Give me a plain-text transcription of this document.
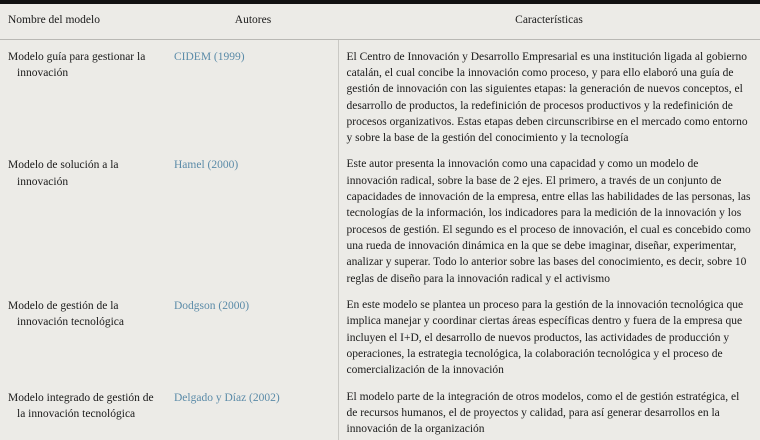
Nombre del modelo	Autores	Características

Modelo guía para gestionar la innovación	CIDEM (1999)	El Centro de Innovación y Desarrollo Empresarial es una institución ligada al gobierno catalán, el cual concibe la innovación como proceso, y para ello elaboró una guía de gestión de innovación con las siguientes etapas: la generación de nuevos conceptos, el desarrollo de productos, la redefinición de procesos productivos y la redefinición de procesos organizativos. Estas etapas deben circunscribirse en el mercado como entorno y sobre la base de la gestión del conocimiento y la tecnología

Modelo de solución a la innovación	Hamel (2000)	Este autor presenta la innovación como una capacidad y como un modelo de innovación radical, sobre la base de 2 ejes. El primero, a través de un conjunto de capacidades de innovación de la empresa, entre ellas las habilidades de las personas, las tecnologías de la información, los indicadores para la medición de la innovación y los procesos de gestión. El segundo es el proceso de innovación, el cual es concebido como una rueda de innovación dinámica en la que se debe imaginar, diseñar, experimentar, analizar y superar. Todo lo anterior sobre las bases del conocimiento, es decir, sobre 10 reglas de diseño para la innovación radical y el activismo

Modelo de gestión de la innovación tecnológica	Dodgson (2000)	En este modelo se plantea un proceso para la gestión de la innovación tecnológica que implica manejar y coordinar ciertas áreas específicas dentro y fuera de la empresa que incluyen el I+D, el desarrollo de nuevos productos, las actividades de producción y operaciones, la estrategia tecnológica, la colaboración tecnológica y el proceso de comercialización de la innovación

Modelo integrado de gestión de la innovación tecnológica	Delgado y Díaz (2002)	El modelo parte de la integración de otros modelos, como el de gestión estratégica, el de recursos humanos, el de proyectos y calidad, para así generar desarrollos en la innovación de la organización
